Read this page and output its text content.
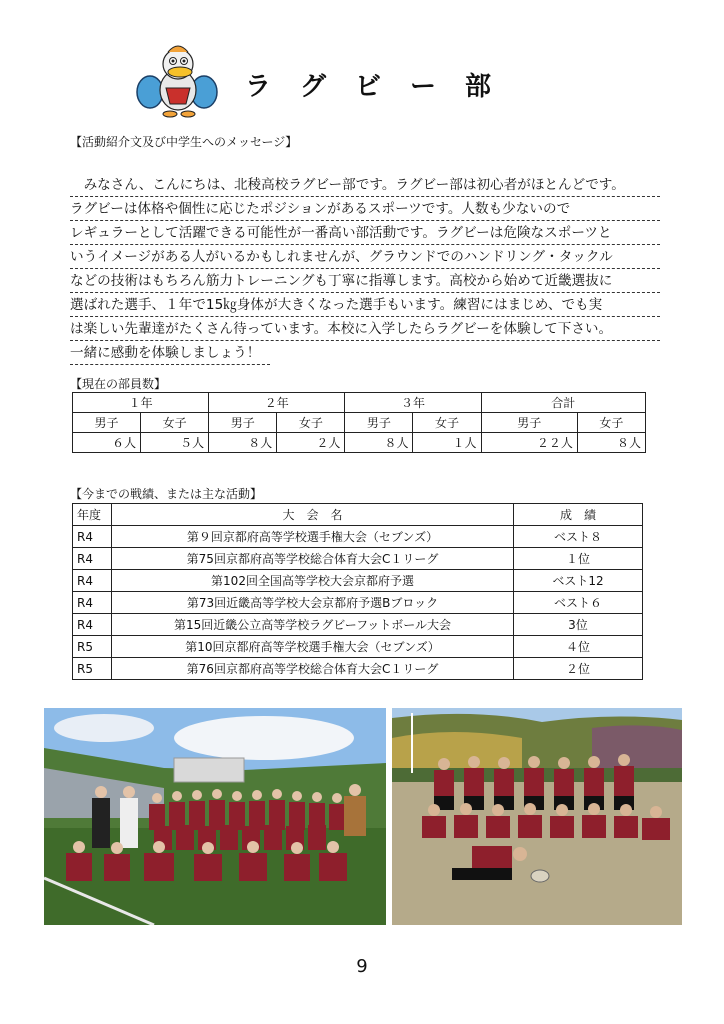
ラ グ ビ ー 部
【活動紹介文及び中学生へのメッセージ】
　みなさん、こんにちは、北稜高校ラグビー部です。ラグビー部は初心者がほとんどです。
ラグビーは体格や個性に応じたポジションがあるスポーツです。人数も少ないので
レギュラーとして活躍できる可能性が一番高い部活動です。ラグビーは危険なスポーツと
いうイメージがある人がいるかもしれませんが、グラウンドでのハンドリング・タックル
などの技術はもちろん筋力トレーニングも丁寧に指導します。高校から始めて近畿選抜に
選ばれた選手、１年で15㎏身体が大きくなった選手もいます。練習にはまじめ、でも実
は楽しい先輩達がたくさん待っています。本校に入学したらラグビーを体験して下さい。
一緒に感動を体験しましょう！
【現在の部員数】
１年		２年		３年		合計	
男子	女子	男子	女子	男子	女子	男子	女子
６人	５人	８人	２人	８人	１人	２２人	８人
【今までの戦績、または主な活動】
年度	大　会　名	成　績
R4	第９回京都府高等学校選手権大会（セブンズ）	ベスト８
R4	第75回京都府高等学校総合体育大会C１リーグ	１位
R4	第102回全国高等学校大会京都府予選	ベスト12
R4	第73回近畿高等学校大会京都府予選Bブロック	ベスト６
R4	第15回近畿公立高等学校ラグビーフットボール大会	3位
R5	第10回京都府高等学校選手権大会（セブンズ）	４位
R5	第76回京都府高等学校総合体育大会C１リーグ	２位
9
